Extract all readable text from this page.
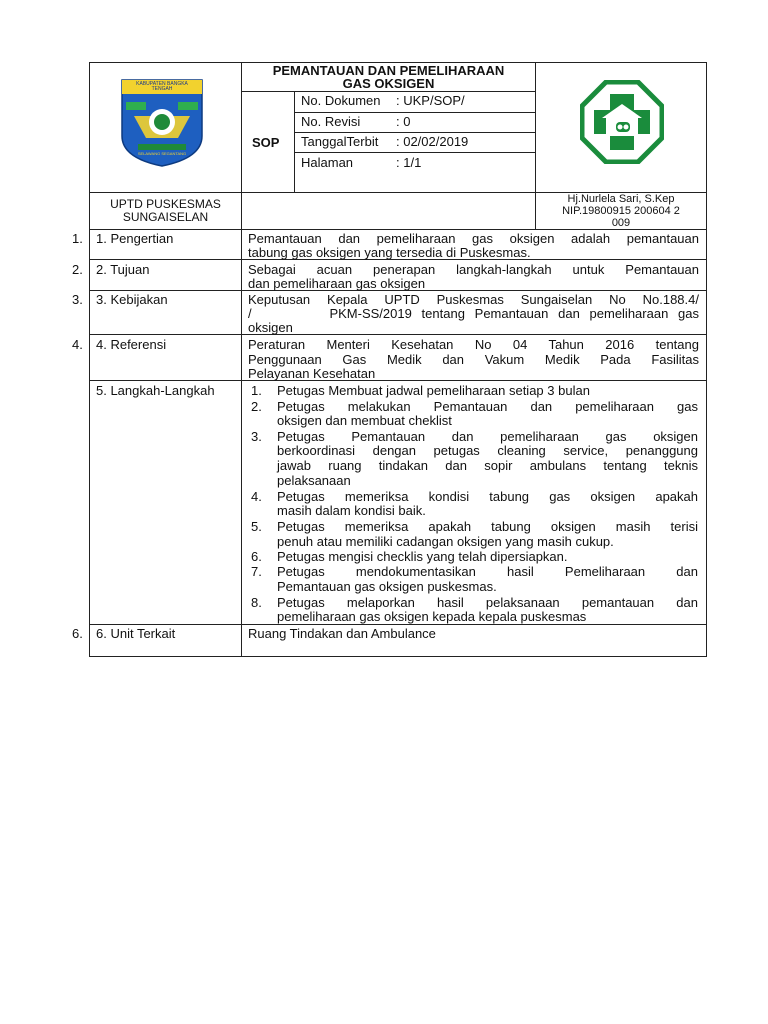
KABUPATEN BANGKA TENGAH
SELAWANG SEGANTANG
PEMANTAUAN DAN PEMELIHARAAN
GAS OKSIGEN
SOP
No. Dokumen : UKP/SOP/
No. Revisi	: 0
TanggalTerbit : 02/02/2019
Halaman	: 1/1
UPTD PUSKESMAS
SUNGAISELAN
Hj.Nurlela Sari, S.Kep
NIP.19800915 200604 2
009
1. 1. Pengertian	Pemantauan dan pemeliharaan gas oksigen adalah pemantauan
tabung gas oksigen yang tersedia di Puskesmas.
2. 2. Tujuan	Sebagai acuan penerapan langkah-langkah untuk Pemantauan
dan pemeliharaan gas oksigen
3. 3. Kebijakan	Keputusan Kepala UPTD Puskesmas Sungaiselan No No.188.4/
/        PKM-SS/2019 tentang Pemantauan dan pemeliharaan gas
oksigen
4. 4. Referensi	Peraturan Menteri Kesehatan No 04 Tahun 2016 tentang
Penggunaan Gas Medik dan Vakum Medik Pada Fasilitas
Pelayanan Kesehatan
5. Langkah-Langkah	1. Petugas Membuat jadwal pemeliharaan setiap 3 bulan
2. Petugas melakukan Pemantauan dan pemeliharaan gas
oksigen dan membuat cheklist
3. Petugas Pemantauan dan pemeliharaan gas oksigen
berkoordinasi dengan petugas cleaning service, penanggung
jawab ruang tindakan dan sopir ambulans tentang teknis
pelaksanaan
4. Petugas memeriksa kondisi tabung gas oksigen apakah
masih dalam kondisi baik.
5. Petugas memeriksa apakah tabung oksigen masih terisi
penuh atau memiliki cadangan oksigen yang masih cukup.
6. Petugas mengisi checklis yang telah dipersiapkan.
7. Petugas mendokumentasikan hasil Pemeliharaan dan
Pemantauan gas oksigen puskesmas.
8. Petugas melaporkan hasil pelaksanaan pemantauan dan
pemeliharaan gas oksigen kepada kepala puskesmas
6. 6. Unit Terkait	Ruang Tindakan dan Ambulance
